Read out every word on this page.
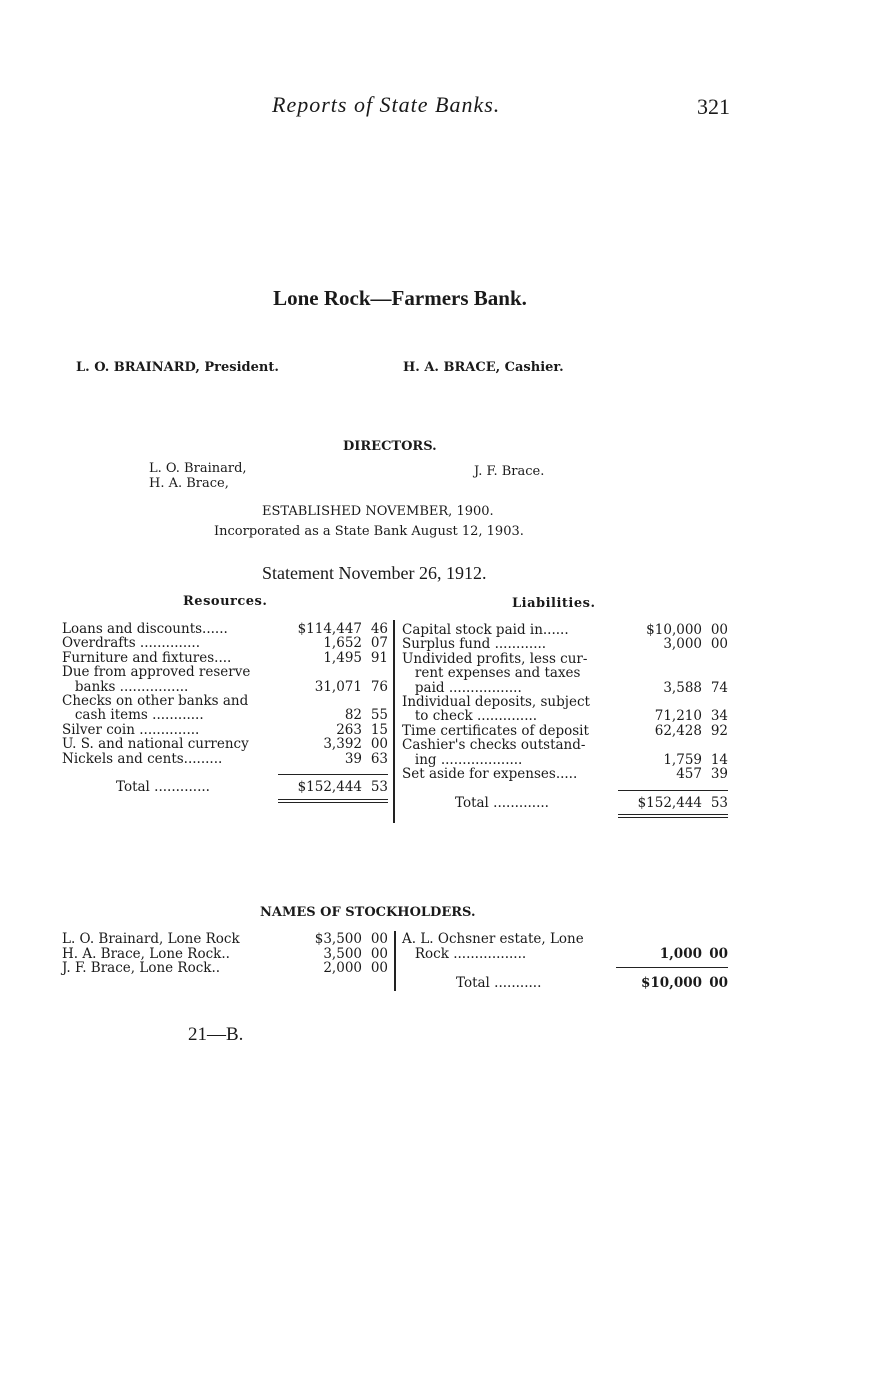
Reports of State Banks.	321
Lone Rock—Farmers Bank.
L. O. BRAINARD, President.	H. A. BRACE, Cashier.
DIRECTORS.
L. O. Brainard,
H. A. Brace,
J. F. Brace.
ESTABLISHED NOVEMBER, 1900.
Incorporated as a State Bank August 12, 1903.
Statement November 26, 1912.
Resources.	Liabilities.
Loans and discounts......	$114,447 46
Overdrafts ..............	1,652 07
Furniture and fixtures....	1,495 91
Due from approved reserve
banks ................	31,071 76
Checks on other banks and
cash items ............	82 55
Silver coin ..............	263 15
U. S. and national currency	3,392 00
Nickels and cents.........	39 63
Total .............	$152,444 53
Capital stock paid in......	$10,000 00
Surplus fund ............	3,000 00
Undivided profits, less cur-
rent expenses and taxes
paid .................	3,588 74
Individual deposits, subject
to check ..............	71,210 34
Time certificates of deposit	62,428 92
Cashier's checks outstand-
ing ...................	1,759 14
Set aside for expenses.....	457 39
Total .............	$152,444 53
NAMES OF STOCKHOLDERS.
L. O. Brainard, Lone Rock	$3,500 00
H. A. Brace, Lone Rock..	3,500 00
J. F. Brace, Lone Rock..	2,000 00
A. L. Ochsner estate, Lone
Rock .................	1,000 00
Total ...........	$10,000 00
21—B.
